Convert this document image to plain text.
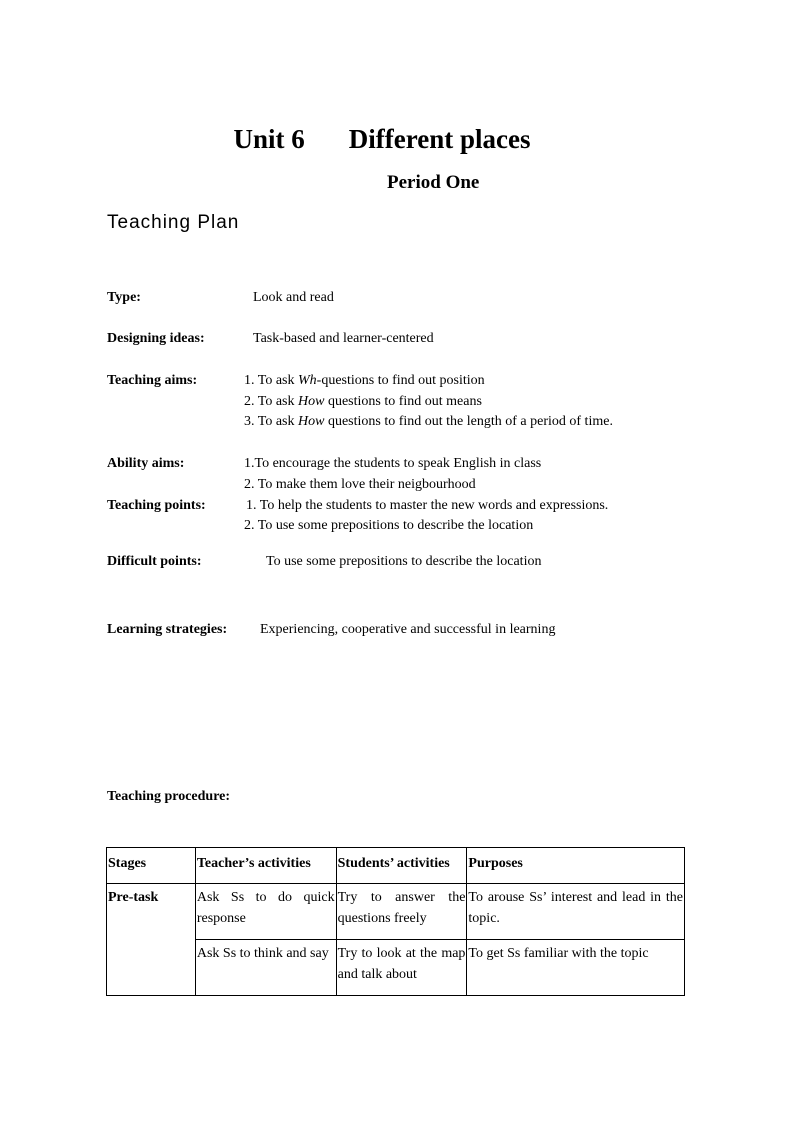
Unit 6 Different places
Period One
Teaching Plan
Type:	Look and read
Designing ideas:	Task-based and learner-centered
Teaching aims:	1. To ask Wh-questions to find out position
2. To ask How questions to find out means
3. To ask How questions to find out the length of a period of time.
Ability aims:	1.To encourage the students to speak English in class
2. To make them love their neigbourhood
Teaching points:	1. To help the students to master the new words and expressions.
2. To use some prepositions to describe the location
Difficult points:	To use some prepositions to describe the location
Learning strategies: Experiencing, cooperative and successful in learning
Teaching procedure:
Stages	Teacher’s activities	Students’ activities	Purposes
Pre-task	Ask Ss to do quick response	Try to answer the questions freely	To arouse Ss’ interest and lead in the topic.
	Ask Ss to think and say	Try to look at the map and talk about	To get Ss familiar with the topic
